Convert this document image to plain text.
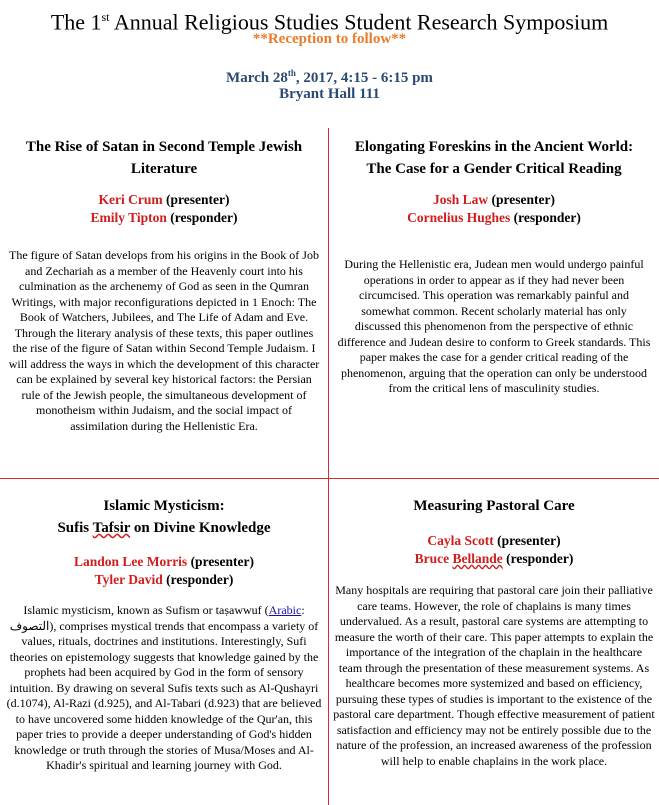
The 1st Annual Religious Studies Student Research Symposium
**Reception to follow**
March 28th, 2017, 4:15 - 6:15 pm
Bryant Hall 111
The Rise of Satan in Second Temple Jewish
Literature
Keri Crum (presenter)
Emily Tipton (responder)
The figure of Satan develops from his origins in the Book of Job and Zechariah as a member of the Heavenly court into his culmination as the archenemy of God as seen in the Qumran Writings, with major reconfigurations depicted in 1 Enoch: The Book of Watchers, Jubilees, and The Life of Adam and Eve. Through the literary analysis of these texts, this paper outlines the rise of the figure of Satan within Second Temple Judaism. I will address the ways in which the development of this character can be explained by several key historical factors: the Persian rule of the Jewish people, the simultaneous development of monotheism within Judaism, and the social impact of assimilation during the Hellenistic Era.
Elongating Foreskins in the Ancient World:
The Case for a Gender Critical Reading
Josh Law (presenter)
Cornelius Hughes (responder)
During the Hellenistic era, Judean men would undergo painful operations in order to appear as if they had never been circumcised. This operation was remarkably painful and somewhat common. Recent scholarly material has only discussed this phenomenon from the perspective of ethnic difference and Judean desire to conform to Greek standards. This paper makes the case for a gender critical reading of the phenomenon, arguing that the operation can only be understood from the critical lens of masculinity studies.
Islamic Mysticism:
Sufis Tafsir on Divine Knowledge
Landon Lee Morris (presenter)
Tyler David (responder)
Islamic mysticism, known as Sufism or taṣawwuf (Arabic: التصوف), comprises mystical trends that encompass a variety of values, rituals, doctrines and institutions. Interestingly, Sufi theories on epistemology suggests that knowledge gained by the prophets had been acquired by God in the form of sensory intuition. By drawing on several Sufis texts such as Al-Qushayri (d.1074), Al-Razi (d.925), and Al-Tabari (d.923) that are believed to have uncovered some hidden knowledge of the Qur'an, this paper tries to provide a deeper understanding of God's hidden knowledge or truth through the stories of Musa/Moses and Al-Khadir's spiritual and learning journey with God.
Measuring Pastoral Care
Cayla Scott (presenter)
Bruce Bellande (responder)
Many hospitals are requiring that pastoral care join their palliative care teams. However, the role of chaplains is many times undervalued. As a result, pastoral care systems are attempting to measure the worth of their care. This paper attempts to explain the importance of the integration of the chaplain in the healthcare team through the presentation of these measurement systems. As healthcare becomes more systemized and based on efficiency, pursuing these types of studies is important to the existence of the pastoral care department. Though effective measurement of patient satisfaction and efficiency may not be entirely possible due to the nature of the profession, an increased awareness of the profession will help to enable chaplains in the work place.
